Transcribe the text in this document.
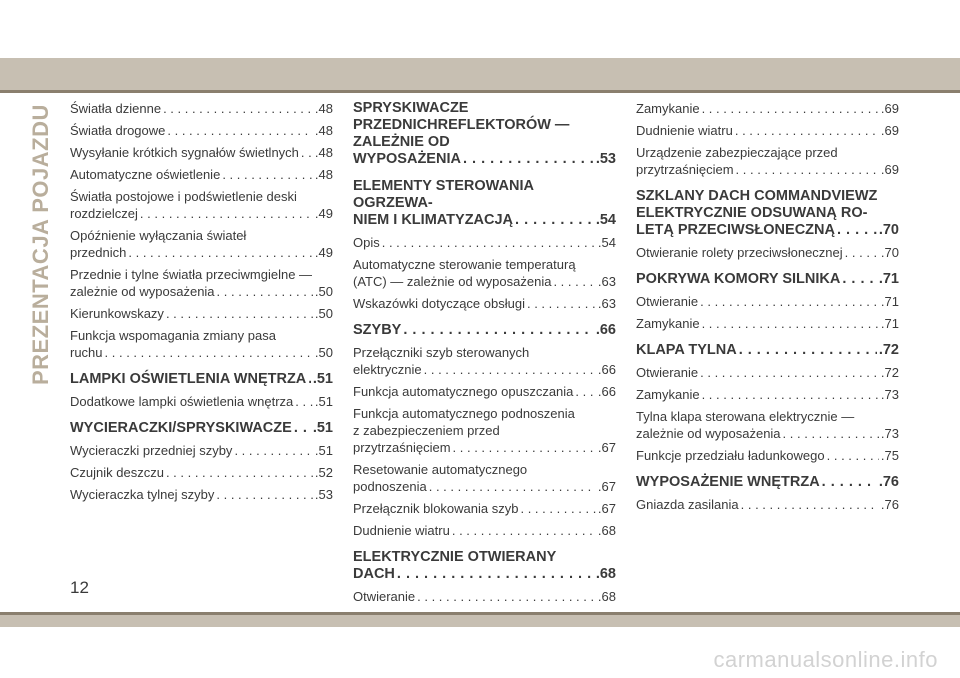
PREZENTACJA POJAZDU Światła dzienne . . .	.48
Światła drogowe . . .	.48
Wysyłanie krótkich sygnałów świetlnych . . . .48
Automatyczne oświetlenie . . .	.48
Światła postojowe i podświetlenie deski
rozdzielczej . . .	.49
Opóźnienie wyłączania świateł
przednich . . .	.49
Przednie i tylne światła przeciwmgielne —
zależnie od wyposażenia . . .	.50
Kierunkowskazy . . .	.50
Funkcja wspomagania zmiany pasa
ruchu . . .	.50
LAMPKI OŚWIETLENIA WNĘTRZA . . . .51
Dodatkowe lampki oświetlenia wnętrza . . . .51
WYCIERACZKI/SPRYSKIWACZE . . . .51
Wycieraczki przedniej szyby . . .	.51
Czujnik deszczu . . .	.52
Wycieraczka tylnej szyby . . .	.53
SPRYSKIWACZE PRZEDNICHREFLEKTORÓW — ZALEŻNIE OD
WYPOSAŻENIA . . .	.53
ELEMENTY STEROWANIA OGRZEWA-
NIEM I KLIMATYZACJĄ . . .	.54
Opis . . .	.54
Automatyczne sterowanie temperaturą
(ATC) — zależnie od wyposażenia . . .	.63
Wskazówki dotyczące obsługi . . .	.63
SZYBY . . .	.66
Przełączniki szyb sterowanych
elektrycznie . . .	.66
Funkcja automatycznego opuszczania . . . .66
Funkcja automatycznego podnoszenia
z zabezpieczeniem przed
przytrzaśnięciem . . .	.67
Resetowanie automatycznego
podnoszenia . . .	.67
Przełącznik blokowania szyb . . .	.67
Dudnienie wiatru . . .	.68
ELEKTRYCZNIE OTWIERANY
DACH . . .	.68
Otwieranie . . .	.68
Zamykanie . . .	.69
Dudnienie wiatru . . .	.69
Urządzenie zabezpieczające przed
przytrzaśnięciem . . .	.69
SZKLANY DACH COMMANDVIEWZ ELEKTRYCZNIE ODSUWANĄ RO-
LETĄ PRZECIWSŁONECZNĄ . . .	.70
Otwieranie rolety przeciwsłonecznej . . .	.70
POKRYWA KOMORY SILNIKA . . .	.71
Otwieranie . . .	.71
Zamykanie . . .	.71
KLAPA TYLNA . . .	.72
Otwieranie . . .	.72
Zamykanie . . .	.73
Tylna klapa sterowana elektrycznie —
zależnie od wyposażenia . . .	.73
Funkcje przedziału ładunkowego . . .	.75
WYPOSAŻENIE WNĘTRZA . . .	.76
Gniazda zasilania . . .	.76
12
carmanualsonline.info
